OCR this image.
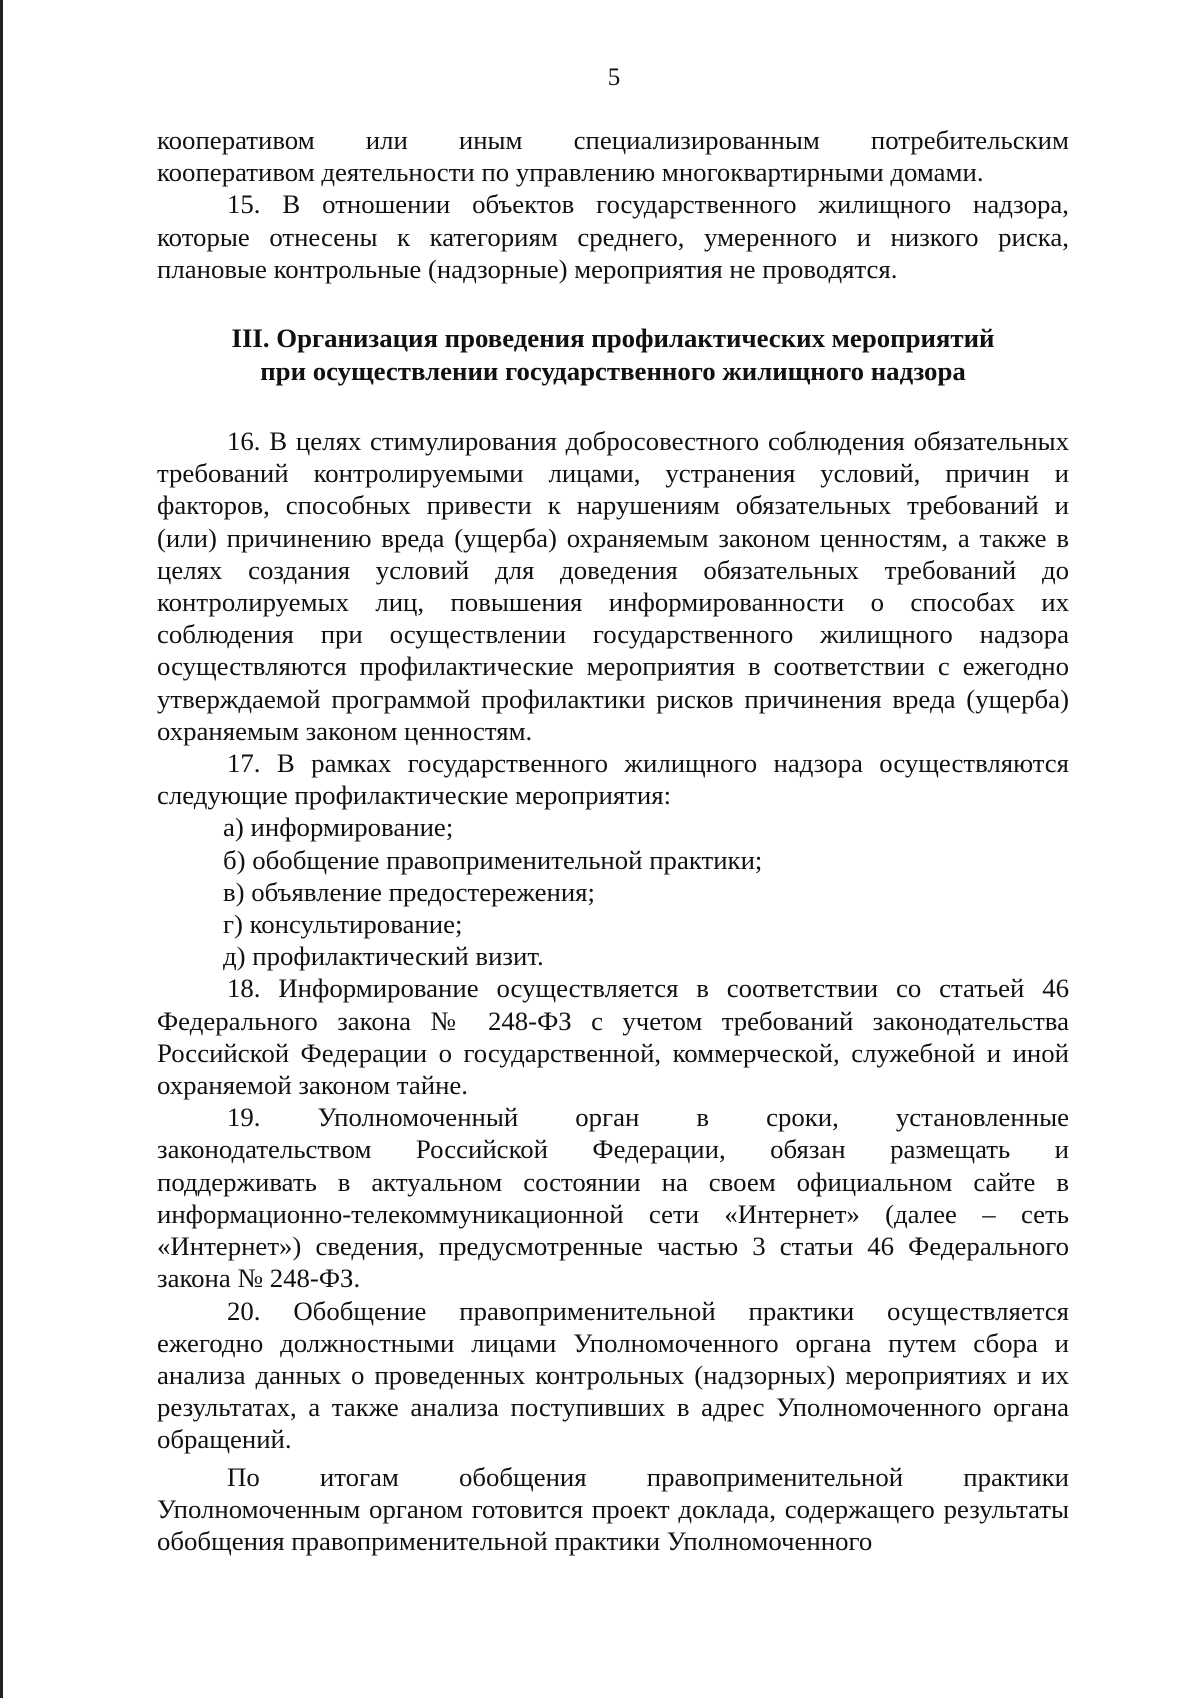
5

кооперативом или иным специализированным потребительским

кооперативом деятельности по управлению многоквартирными домами.

15. В отношении объектов государственного жилищного надзора, которые отнесены к категориям среднего, умеренного и низкого риска, плановые контрольные (надзорные) мероприятия не проводятся.

III. Организация проведения профилактических мероприятий
при осуществлении государственного жилищного надзора

16. В целях стимулирования добросовестного соблюдения обязательных требований контролируемыми лицами, устранения условий, причин и факторов, способных привести к нарушениям обязательных требований и (или) причинению вреда (ущерба) охраняемым законом ценностям, а также в целях создания условий для доведения обязательных требований до контролируемых лиц, повышения информированности о способах их соблюдения при осуществлении государственного жилищного надзора осуществляются профилактические мероприятия в соответствии с ежегодно утверждаемой программой профилактики рисков причинения вреда (ущерба) охраняемым законом ценностям.

17. В рамках государственного жилищного надзора осуществляются следующие профилактические мероприятия:

а) информирование;

б) обобщение правоприменительной практики;

в) объявление предостережения;

г) консультирование;

д) профилактический визит.

18. Информирование осуществляется в соответствии со статьей 46 Федерального закона № 248-ФЗ с учетом требований законодательства Российской Федерации о государственной, коммерческой, служебной и иной охраняемой законом тайне.

19. Уполномоченный орган в сроки, установленные

законодательством Российской Федерации, обязан размещать и

поддерживать в актуальном состоянии на своем официальном сайте в информационно-телекоммуникационной сети «Интернет» (далее – сеть «Интернет») сведения, предусмотренные частью 3 статьи 46 Федерального закона № 248-ФЗ.

20. Обобщение правоприменительной практики осуществляется ежегодно должностными лицами Уполномоченного органа путем сбора и анализа данных о проведенных контрольных (надзорных) мероприятиях и их результатах, а также анализа поступивших в адрес Уполномоченного органа обращений.

По итогам обобщения правоприменительной практики

Уполномоченным органом готовится проект доклада, содержащего результаты обобщения правоприменительной практики Уполномоченного
